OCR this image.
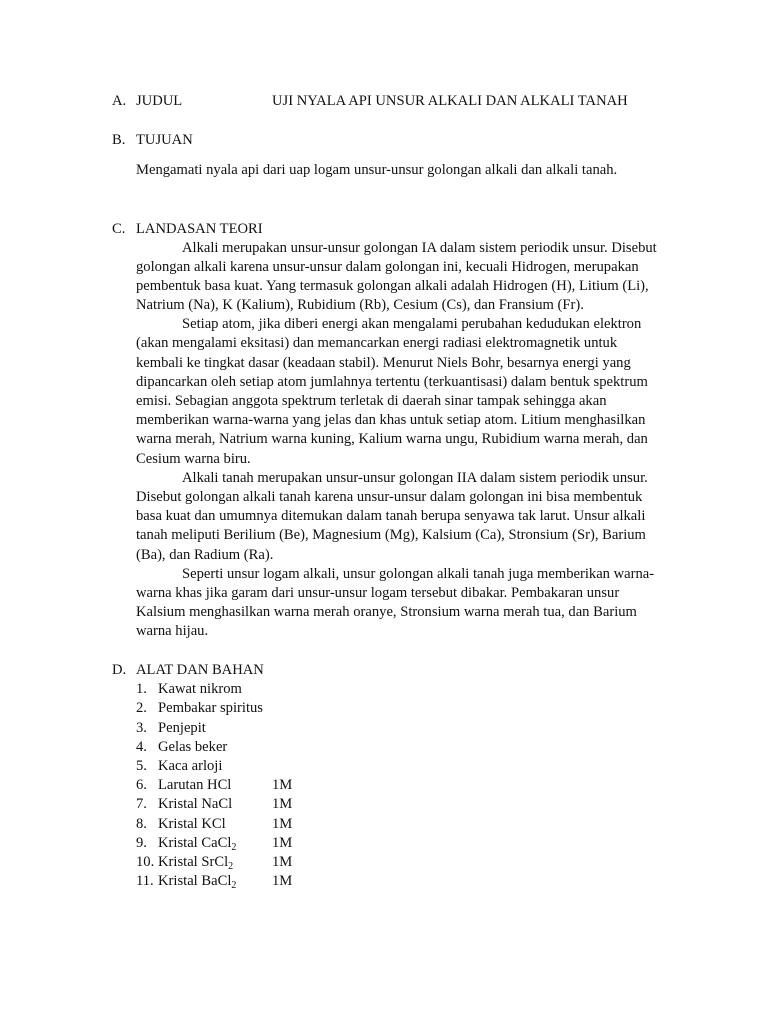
A. JUDUL	UJI NYALA API UNSUR ALKALI DAN ALKALI TANAH
B. TUJUAN
Mengamati nyala api dari uap logam unsur-unsur golongan alkali dan alkali tanah.
C. LANDASAN TEORI
Alkali merupakan unsur-unsur golongan IA dalam sistem periodik unsur. Disebut
golongan alkali karena unsur-unsur dalam golongan ini, kecuali Hidrogen, merupakan
pembentuk basa kuat. Yang termasuk golongan alkali adalah Hidrogen (H), Litium (Li),
Natrium (Na), K (Kalium), Rubidium (Rb), Cesium (Cs), dan Fransium (Fr).
Setiap atom, jika diberi energi akan mengalami perubahan kedudukan elektron
(akan mengalami eksitasi) dan memancarkan energi radiasi elektromagnetik untuk
kembali ke tingkat dasar (keadaan stabil). Menurut Niels Bohr, besarnya energi yang
dipancarkan oleh setiap atom jumlahnya tertentu (terkuantisasi) dalam bentuk spektrum
emisi. Sebagian anggota spektrum terletak di daerah sinar tampak sehingga akan
memberikan warna-warna yang jelas dan khas untuk setiap atom. Litium menghasilkan
warna merah, Natrium warna kuning, Kalium warna ungu, Rubidium warna merah, dan
Cesium warna biru.
Alkali tanah merupakan unsur-unsur golongan IIA dalam sistem periodik unsur.
Disebut golongan alkali tanah karena unsur-unsur dalam golongan ini bisa membentuk
basa kuat dan umumnya ditemukan dalam tanah berupa senyawa tak larut. Unsur alkali
tanah meliputi Berilium (Be), Magnesium (Mg), Kalsium (Ca), Stronsium (Sr), Barium
(Ba), dan Radium (Ra).
Seperti unsur logam alkali, unsur golongan alkali tanah juga memberikan warna-
warna khas jika garam dari unsur-unsur logam tersebut dibakar. Pembakaran unsur
Kalsium menghasilkan warna merah oranye, Stronsium warna merah tua, dan Barium
warna hijau.
D. ALAT DAN BAHAN
1. Kawat nikrom
2. Pembakar spiritus
3. Penjepit
4. Gelas beker
5. Kaca arloji
6. Larutan HCl	1M
7. Kristal NaCl	1M
8. Kristal KCl	1M
9. Kristal CaCl$_2$ 1M
10. Kristal SrCl$_2$	1M
11. Kristal BaCl$_2$ 1M
